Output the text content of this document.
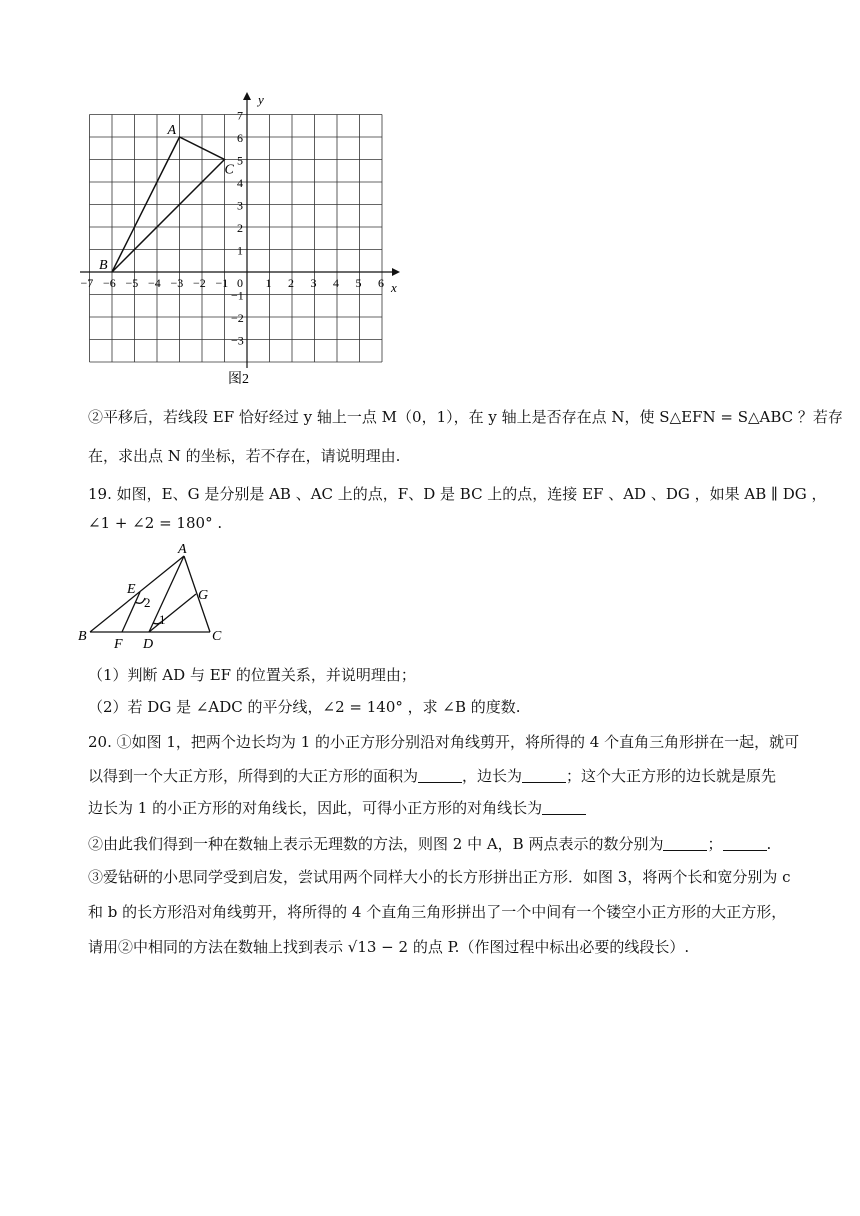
x
y
0
−7 −6 −5 −4 −3 −2 −1	1 2 3 4 5 6
7
6
5
4
3
2
1
−1
−2
−3
A
B
C
图2
②平移后，若线段 EF 恰好经过 y 轴上一点 M（0，1），在 y 轴上是否存在点 N，使 S△EFN = S△ABC ？若存
在，求出点 N 的坐标，若不存在，请说明理由.
19. 如图，E、G 是分别是 AB 、AC 上的点，F、D 是 BC 上的点，连接 EF 、AD 、DG ，如果 AB ∥ DG ，
∠1 + ∠2 = 180° .
A
E	G
B
F D
C
2
1
（1）判断 AD 与 EF 的位置关系，并说明理由；
（2）若 DG 是 ∠ADC 的平分线，∠2 = 140° ，求 ∠B 的度数.
20. ①如图 1，把两个边长均为 1 的小正方形分别沿对角线剪开，将所得的 4 个直角三角形拼在一起，就可
以得到一个大正方形，所得到的大正方形的面积为	，边长为	；这个大正方形的边长就是原先
边长为 1 的小正方形的对角线长，因此，可得小正方形的对角线长为
②由此我们得到一种在数轴上表示无理数的方法，则图 2 中 A，B 两点表示的数分别为	；	.
③爱钻研的小思同学受到启发，尝试用两个同样大小的长方形拼出正方形．如图 3，将两个长和宽分别为 c
和 b 的长方形沿对角线剪开，将所得的 4 个直角三角形拼出了一个中间有一个镂空小正方形的大正方形，
请用②中相同的方法在数轴上找到表示 √13 − 2 的点 P.（作图过程中标出必要的线段长）.
